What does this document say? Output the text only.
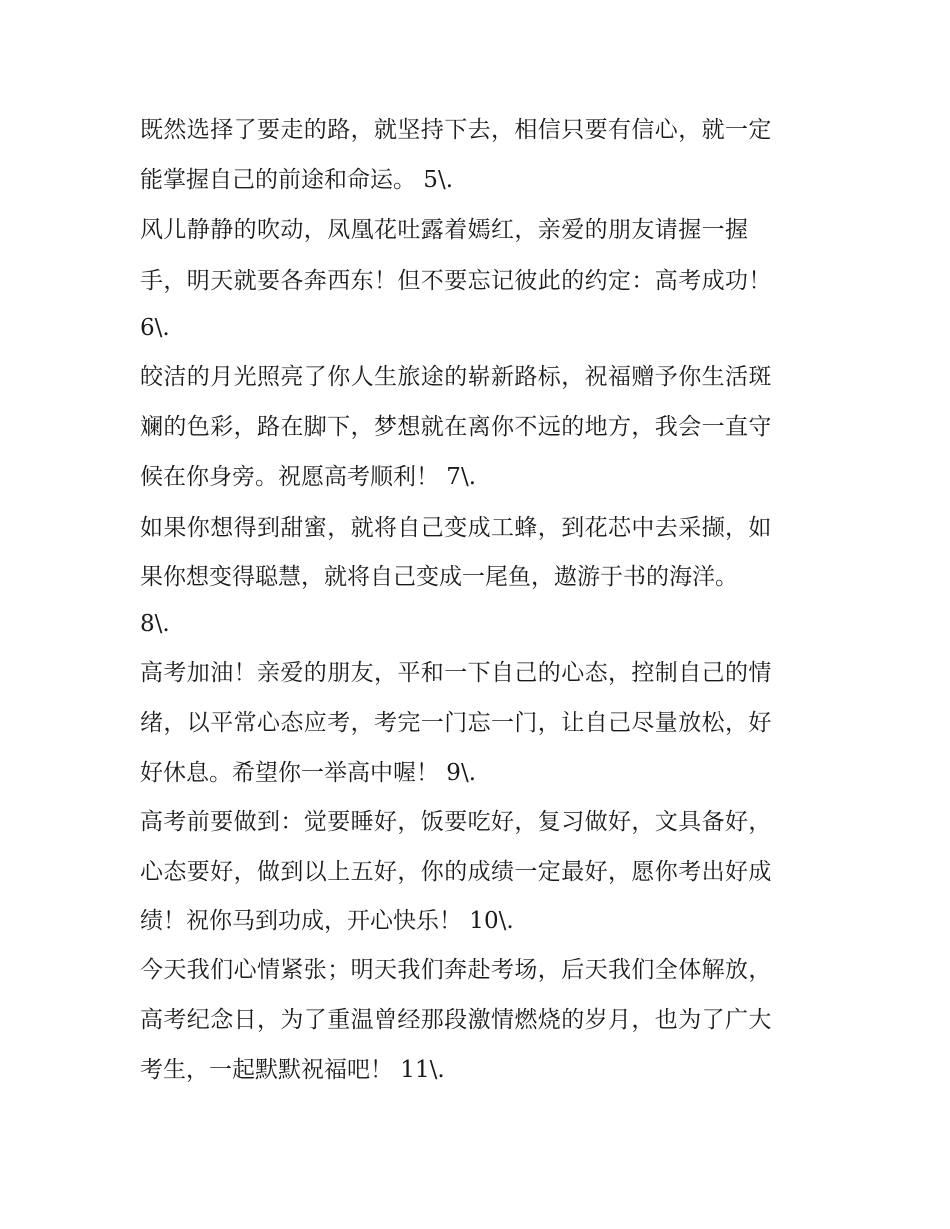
既然选择了要走的路，就坚持下去，相信只要有信心，就一定
能掌握自己的前途和命运。 5\.
风儿静静的吹动，凤凰花吐露着嫣红，亲爱的朋友请握一握
手，明天就要各奔西东！但不要忘记彼此的约定：高考成功！
6\.
皎洁的月光照亮了你人生旅途的崭新路标，祝福赠予你生活斑
斓的色彩，路在脚下，梦想就在离你不远的地方，我会一直守
候在你身旁。祝愿高考顺利！ 7\.
如果你想得到甜蜜，就将自己变成工蜂，到花芯中去采撷，如
果你想变得聪慧，就将自己变成一尾鱼，遨游于书的海洋。
8\.
高考加油！亲爱的朋友，平和一下自己的心态，控制自己的情
绪，以平常心态应考，考完一门忘一门，让自己尽量放松，好
好休息。希望你一举高中喔！ 9\.
高考前要做到：觉要睡好，饭要吃好，复习做好，文具备好，
心态要好，做到以上五好，你的成绩一定最好，愿你考出好成
绩！祝你马到功成，开心快乐！ 10\.
今天我们心情紧张；明天我们奔赴考场，后天我们全体解放，
高考纪念日，为了重温曾经那段激情燃烧的岁月，也为了广大
考生，一起默默祝福吧！ 11\.
